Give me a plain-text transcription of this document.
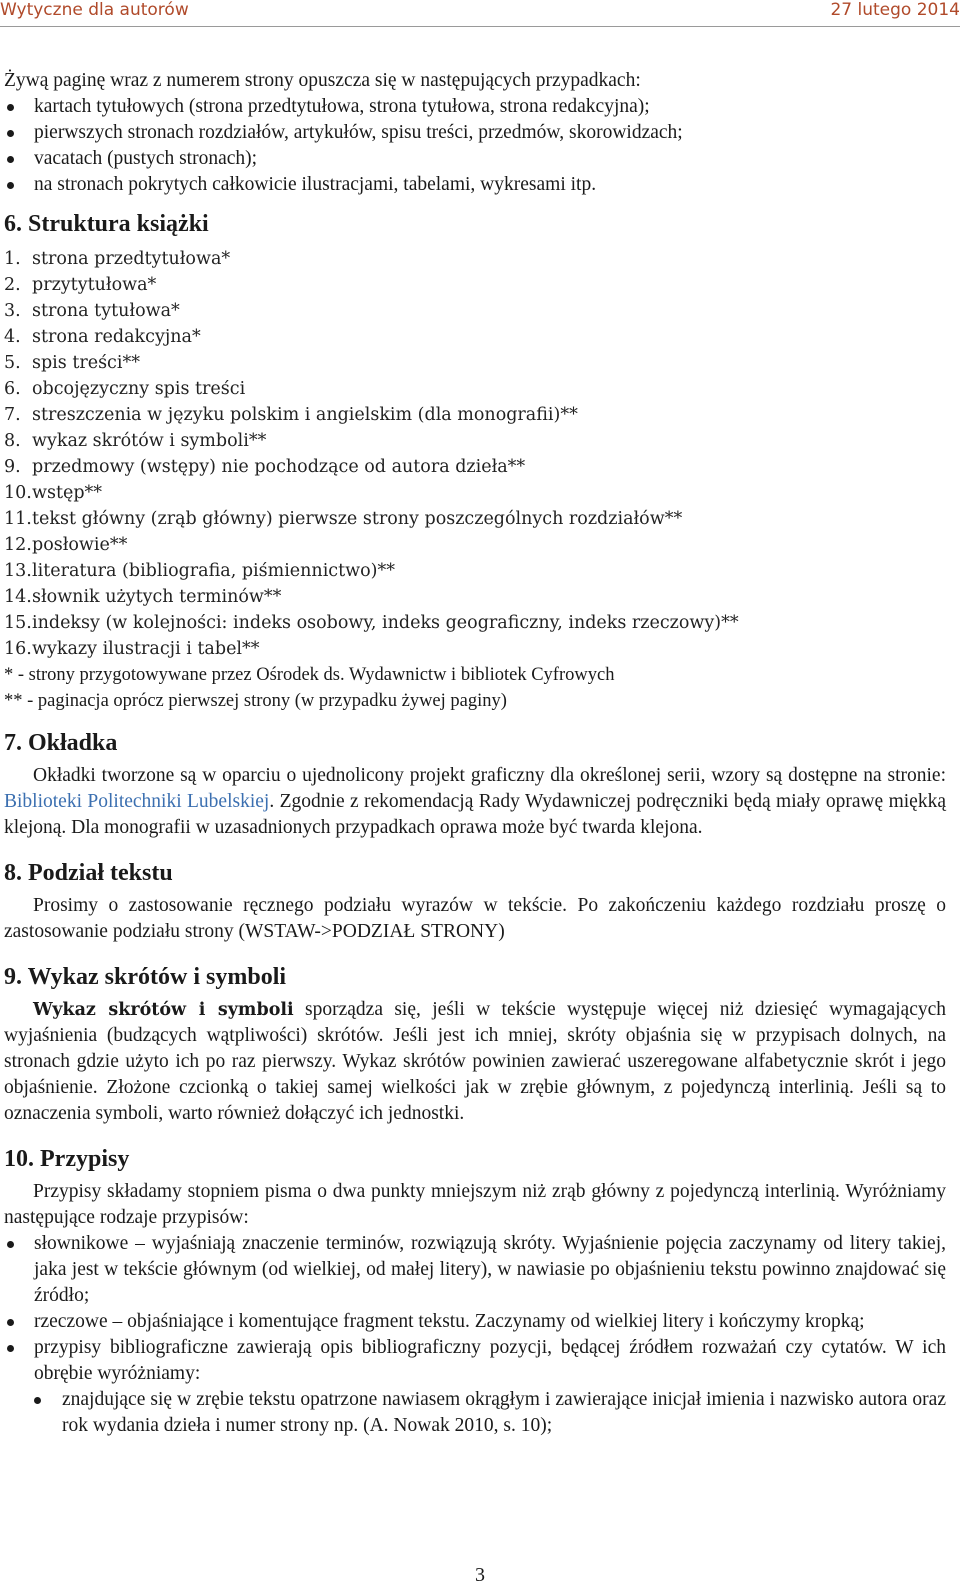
Wytyczne dla autorów	27 lutego 2014
Żywą paginę wraz z numerem strony opuszcza się w następujących przypadkach:
kartach tytułowych (strona przedtytułowa, strona tytułowa, strona redakcyjna);
pierwszych stronach rozdziałów, artykułów, spisu treści, przedmów, skorowidzach;
vacatach (pustych stronach);
na stronach pokrytych całkowicie ilustracjami, tabelami, wykresami itp.
6. Struktura książki
1. strona przedtytułowa*
2. przytytułowa*
3. strona tytułowa*
4. strona redakcyjna*
5. spis treści**
6. obcojęzyczny spis treści
7. streszczenia w języku polskim i angielskim (dla monografii)**
8. wykaz skrótów i symboli**
9. przedmowy (wstępy) nie pochodzące od autora dzieła**
10. wstęp**
11. tekst główny (zrąb główny) pierwsze strony poszczególnych rozdziałów**
12. posłowie**
13. literatura (bibliografia, piśmiennictwo)**
14. słownik użytych terminów**
15. indeksy (w kolejności: indeks osobowy, indeks geograficzny, indeks rzeczowy)**
16. wykazy ilustracji i tabel**
* - strony przygotowywane przez Ośrodek ds. Wydawnictw i bibliotek Cyfrowych
** - paginacja oprócz pierwszej strony (w przypadku żywej paginy)
7. Okładka
Okładki tworzone są w oparciu o ujednolicony projekt graficzny dla określonej serii, wzory są dostępne na stronie: Biblioteki Politechniki Lubelskiej. Zgodnie z rekomendacją Rady Wydawniczej podręczniki będą miały oprawę miękką klejoną. Dla monografii w uzasadnionych przypadkach oprawa może być twarda klejona.
8. Podział tekstu
Prosimy o zastosowanie ręcznego podziału wyrazów w tekście. Po zakończeniu każdego rozdziału proszę o zastosowanie podziału strony (WSTAW->PODZIAŁ STRONY)
9. Wykaz skrótów i symboli
Wykaz skrótów i symboli sporządza się, jeśli w tekście występuje więcej niż dziesięć wymagających wyjaśnienia (budzących wątpliwości) skrótów. Jeśli jest ich mniej, skróty objaśnia się w przypisach dolnych, na stronach gdzie użyto ich po raz pierwszy. Wykaz skrótów powinien zawierać uszeregowane alfabetycznie skrót i jego objaśnienie. Złożone czcionką o takiej samej wielkości jak w zrębie głównym, z pojedynczą interlinią. Jeśli są to oznaczenia symboli, warto również dołączyć ich jednostki.
10. Przypisy
Przypisy składamy stopniem pisma o dwa punkty mniejszym niż zrąb główny z pojedynczą interlinią. Wyróżniamy następujące rodzaje przypisów:
słownikowe – wyjaśniają znaczenie terminów, rozwiązują skróty. Wyjaśnienie pojęcia zaczynamy od litery takiej, jaka jest w tekście głównym (od wielkiej, od małej litery), w nawiasie po objaśnieniu tekstu powinno znajdować się źródło;
rzeczowe – objaśniające i komentujące fragment tekstu. Zaczynamy od wielkiej litery i kończymy kropką;
przypisy bibliograficzne zawierają opis bibliograficzny pozycji, będącej źródłem rozważań czy cytatów. W ich obrębie wyróżniamy:
znajdujące się w zrębie tekstu opatrzone nawiasem okrągłym i zawierające inicjał imienia i nazwisko autora oraz rok wydania dzieła i numer strony np. (A. Nowak 2010, s. 10);
3
